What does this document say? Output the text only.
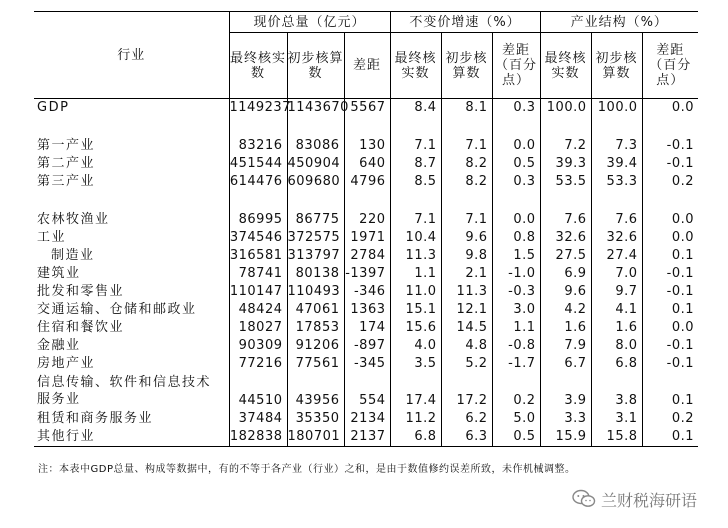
行业	现价总量（亿元）			不变价增速（%）			产业结构（%）		
	最终核实数	初步核算数	差距	最终核实数	初步核算数	差距（百分点）	最终核实数	初步核算数	差距（百分点）
GDP	1149237	1143670	5567	8.4	8.1	0.3	100.0	100.0	0.0

第一产业	83216	83086	130	7.1	7.1	0.0	7.2	7.3	-0.1
第二产业	451544	450904	640	8.7	8.2	0.5	39.3	39.4	-0.1
第三产业	614476	609680	4796	8.5	8.2	0.3	53.5	53.3	0.2

农林牧渔业	86995	86775	220	7.1	7.1	0.0	7.6	7.6	0.0
工业	374546	372575	1971	10.4	9.6	0.8	32.6	32.6	0.0
制造业	316581	313797	2784	11.3	9.8	1.5	27.5	27.4	0.1
建筑业	78741	80138	-1397	1.1	2.1	-1.0	6.9	7.0	-0.1
批发和零售业	110147	110493	-346	11.0	11.3	-0.3	9.6	9.7	-0.1
交通运输、仓储和邮政业	48424	47061	1363	15.1	12.1	3.0	4.2	4.1	0.1
住宿和餐饮业	18027	17853	174	15.6	14.5	1.1	1.6	1.6	0.0
金融业	90309	91206	-897	4.0	4.8	-0.8	7.9	8.0	-0.1
房地产业	77216	77561	-345	3.5	5.2	-1.7	6.7	6.8	-0.1
信息传输、软件和信息技术服务业	44510	43956	554	17.4	17.2	0.2	3.9	3.8	0.1
租赁和商务服务业	37484	35350	2134	11.2	6.2	5.0	3.3	3.1	0.2
其他行业	182838	180701	2137	6.8	6.3	0.5	15.9	15.8	0.1
注：本表中GDP总量、构成等数据中，有的不等于各产业（行业）之和，是由于数值修约误差所致，未作机械调整。
兰财税海研语
